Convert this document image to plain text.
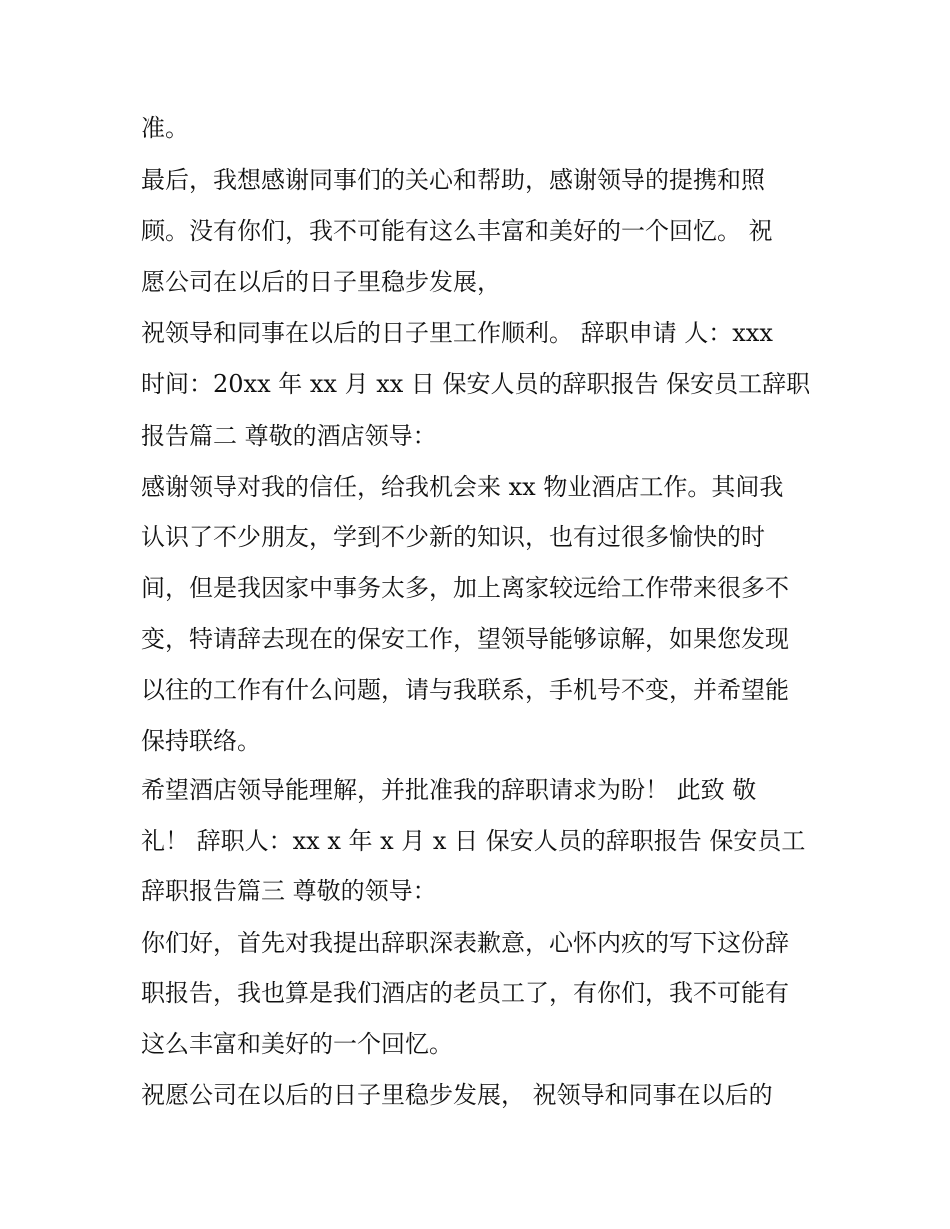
准。

最后，我想感谢同事们的关心和帮助，感谢领导的提携和照

顾。没有你们，我不可能有这么丰富和美好的一个回忆。 祝

愿公司在以后的日子里稳步发展，

祝领导和同事在以后的日子里工作顺利。 辞职申请 人：xxx

时间：20xx 年 xx 月 xx 日 保安人员的辞职报告 保安员工辞职

报告篇二 尊敬的酒店领导：

感谢领导对我的信任，给我机会来 xx 物业酒店工作。其间我

认识了不少朋友，学到不少新的知识，也有过很多愉快的时

间，但是我因家中事务太多，加上离家较远给工作带来很多不

变，特请辞去现在的保安工作，望领导能够谅解，如果您发现

以往的工作有什么问题，请与我联系，手机号不变，并希望能

保持联络。

希望酒店领导能理解，并批准我的辞职请求为盼！ 此致 敬

礼！ 辞职人：xx x 年 x 月 x 日 保安人员的辞职报告 保安员工

辞职报告篇三 尊敬的领导：

你们好，首先对我提出辞职深表歉意，心怀内疚的写下这份辞

职报告，我也算是我们酒店的老员工了，有你们，我不可能有

这么丰富和美好的一个回忆。

祝愿公司在以后的日子里稳步发展， 祝领导和同事在以后的
